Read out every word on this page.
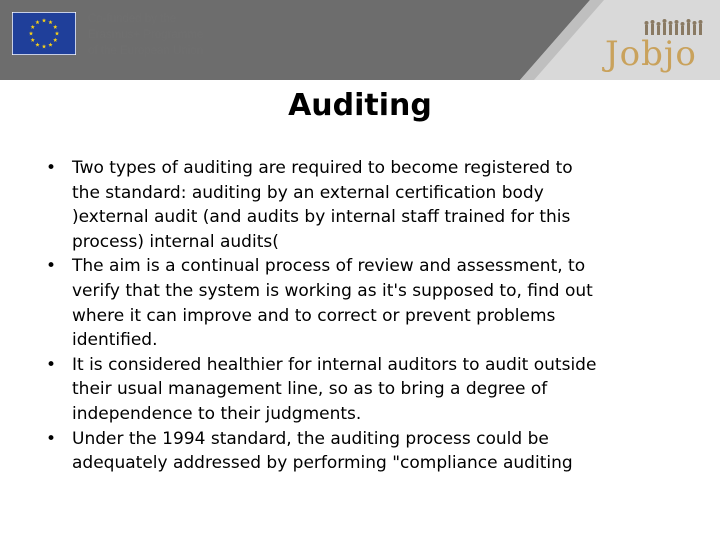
Co-funded by the
Erasmus+ Programme
of the European Union	Jobjo
Auditing
• Two types of auditing are required to become registered to
the standard: auditing by an external certification body
)external audit (and audits by internal staff trained for this
process) internal audits(
• The aim is a continual process of review and assessment, to
verify that the system is working as it's supposed to, find out
where it can improve and to correct or prevent problems
identified.
• It is considered healthier for internal auditors to audit outside
their usual management line, so as to bring a degree of
independence to their judgments.
• Under the 1994 standard, the auditing process could be
adequately addressed by performing "compliance auditing
